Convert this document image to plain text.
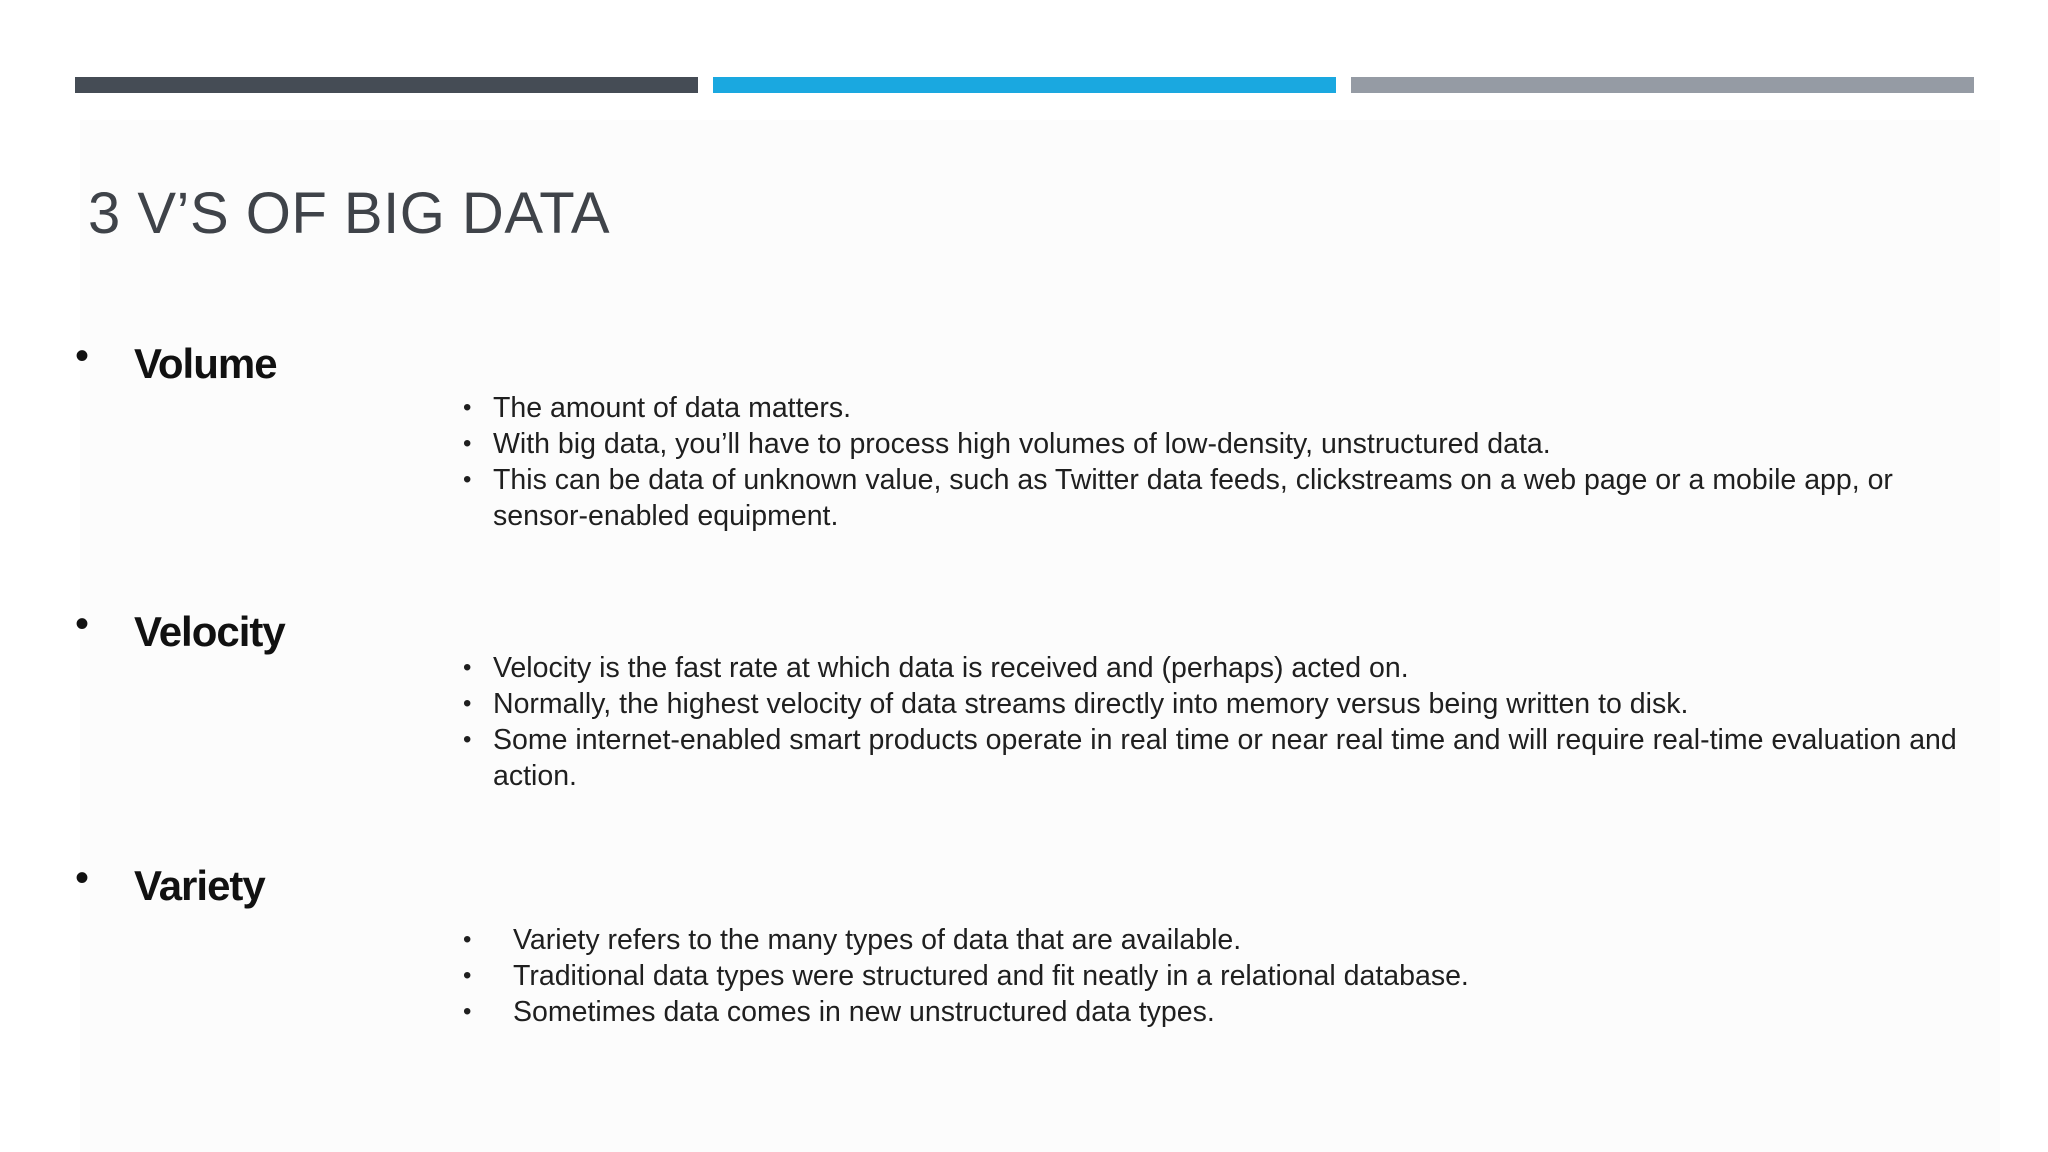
3 V’S OF BIG DATA
• Volume
• The amount of data matters.
• With big data, you’ll have to process high volumes of low-density, unstructured data.
• This can be data of unknown value, such as Twitter data feeds, clickstreams on a web page or a mobile app, or sensor-enabled equipment.
• Velocity
• Velocity is the fast rate at which data is received and (perhaps) acted on.
• Normally, the highest velocity of data streams directly into memory versus being written to disk.
• Some internet-enabled smart products operate in real time or near real time and will require real-time evaluation and action.
• Variety
• Variety refers to the many types of data that are available.
• Traditional data types were structured and fit neatly in a relational database.
• Sometimes data comes in new unstructured data types.
